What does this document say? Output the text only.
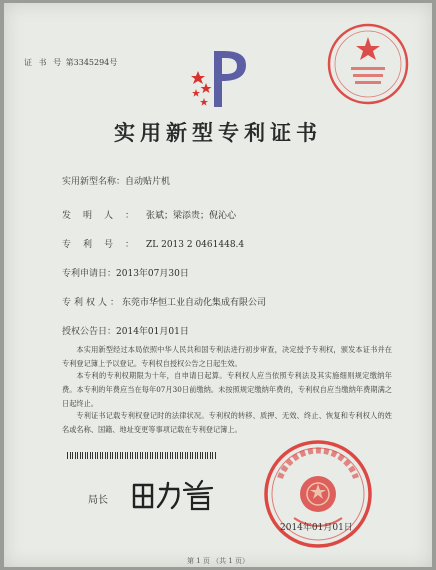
证 书 号 第3345294号
实用新型专利证书
实用新型名称：自动贴片机
发明人：张斌；梁添贵；倪沁心
专利号：ZL 2013 2 0461448.4
专利申请日：2013年07月30日
专利权人：东莞市华恒工业自动化集成有限公司
授权公告日：2014年01月01日
本实用新型经过本局依照中华人民共和国专利法进行初步审查，决定授予专利权，颁发本证书并在专利登记簿上予以登记。专利权自授权公告之日起生效。
本专利的专利权期限为十年，自申请日起算。专利权人应当依照专利法及其实施细则规定缴纳年费。本专利的年费应当在每年07月30日前缴纳。未按照规定缴纳年费的，专利权自应当缴纳年费期满之日起终止。
专利证书记载专利权登记时的法律状况。专利权的转移、质押、无效、终止、恢复和专利权人的姓名或名称、国籍、地址变更等事项记载在专利登记簿上。
局长
2014年01月01日
第 1 页 （共 1 页）
